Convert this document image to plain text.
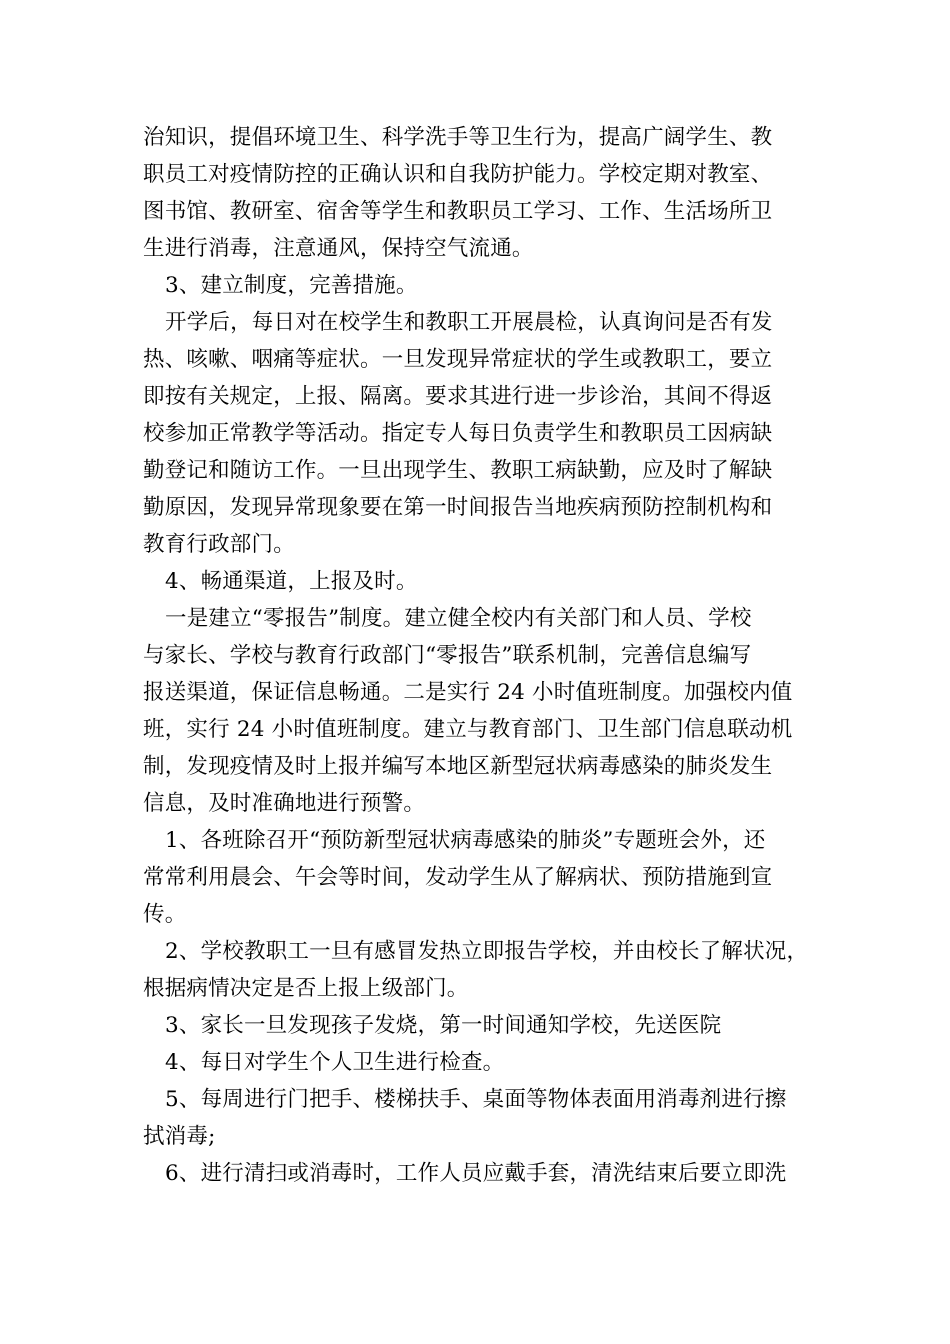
治知识，提倡环境卫生、科学洗手等卫生行为，提高广阔学生、教
职员工对疫情防控的正确认识和自我防护能力。学校定期对教室、
图书馆、教研室、宿舍等学生和教职员工学习、工作、生活场所卫
生进行消毒，注意通风，保持空气流通。
3、建立制度，完善措施。
开学后，每日对在校学生和教职工开展晨检，认真询问是否有发
热、咳嗽、咽痛等症状。一旦发现异常症状的学生或教职工，要立
即按有关规定，上报、隔离。要求其进行进一步诊治，其间不得返
校参加正常教学等活动。指定专人每日负责学生和教职员工因病缺
勤登记和随访工作。一旦出现学生、教职工病缺勤，应及时了解缺
勤原因，发现异常现象要在第一时间报告当地疾病预防控制机构和
教育行政部门。
4、畅通渠道，上报及时。
一是建立“零报告”制度。建立健全校内有关部门和人员、学校
与家长、学校与教育行政部门“零报告”联系机制，完善信息编写
报送渠道，保证信息畅通。二是实行 24 小时值班制度。加强校内值
班，实行 24 小时值班制度。建立与教育部门、卫生部门信息联动机
制，发现疫情及时上报并编写本地区新型冠状病毒感染的肺炎发生
信息，及时准确地进行预警。
1、各班除召开“预防新型冠状病毒感染的肺炎”专题班会外，还
常常利用晨会、午会等时间，发动学生从了解病状、预防措施到宣
传。
2、学校教职工一旦有感冒发热立即报告学校，并由校长了解状况，
根据病情决定是否上报上级部门。
3、家长一旦发现孩子发烧，第一时间通知学校，先送医院
4、每日对学生个人卫生进行检查。
5、每周进行门把手、楼梯扶手、桌面等物体表面用消毒剂进行擦
拭消毒;
6、进行清扫或消毒时，工作人员应戴手套，清洗结束后要立即洗
